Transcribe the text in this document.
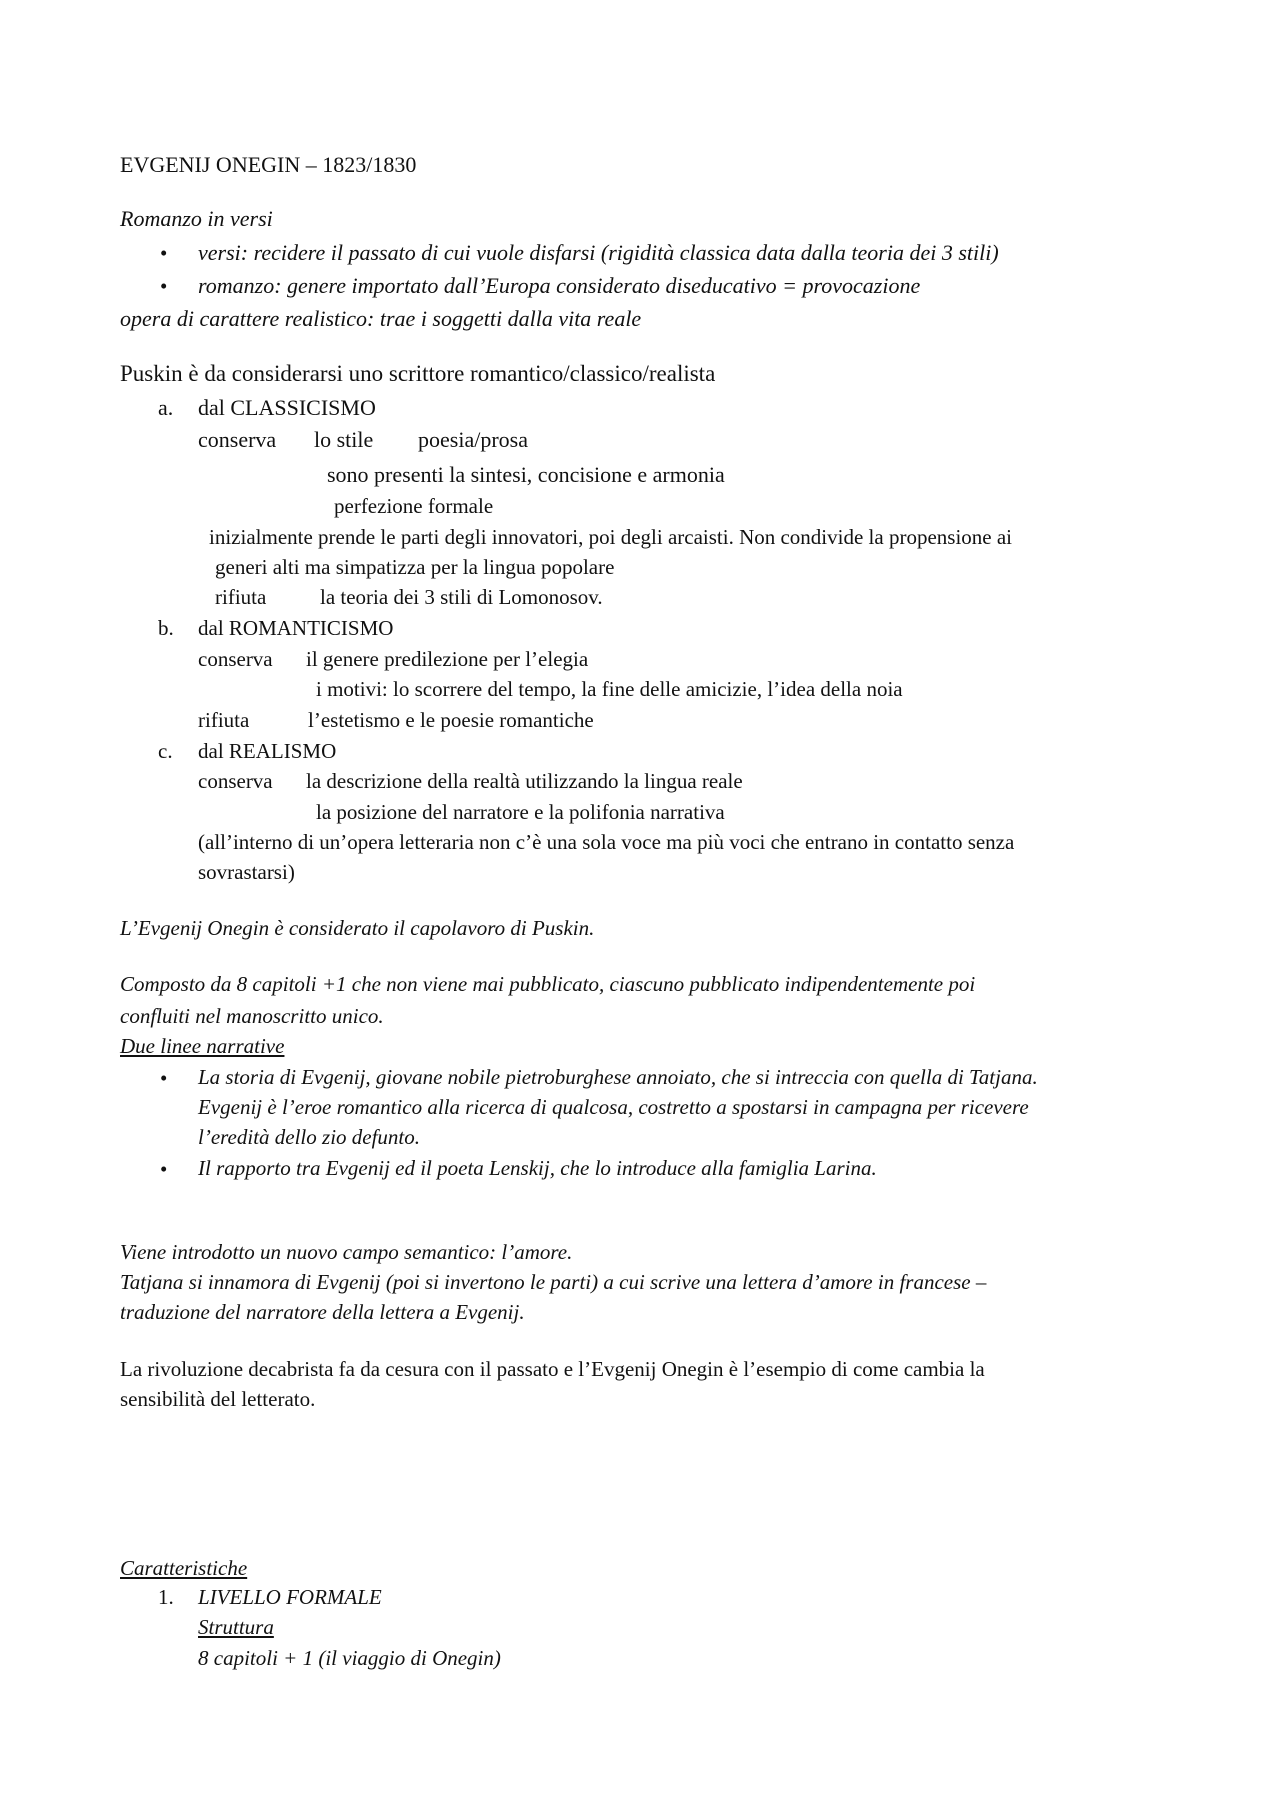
EVGENIJ ONEGIN – 1823/1830
Romanzo in versi
• versi: recidere il passato di cui vuole disfarsi (rigidità classica data dalla teoria dei 3 stili)
• romanzo: genere importato dall’Europa considerato diseducativo = provocazione
opera di carattere realistico: trae i soggetti dalla vita reale
Puskin è da considerarsi uno scrittore romantico/classico/realista
a. dal CLASSICISMO
conserva lo stile poesia/prosa
sono presenti la sintesi, concisione e armonia
perfezione formale
inizialmente prende le parti degli innovatori, poi degli arcaisti. Non condivide la propensione ai
generi alti ma simpatizza per la lingua popolare
rifiuta	la teoria dei 3 stili di Lomonosov.
b. dal ROMANTICISMO
conserva il genere predilezione per l’elegia
i motivi: lo scorrere del tempo, la fine delle amicizie, l’idea della noia
rifiuta	l’estetismo e le poesie romantiche
c. dal REALISMO
conserva la descrizione della realtà utilizzando la lingua reale
la posizione del narratore e la polifonia narrativa
(all’interno di un’opera letteraria non c’è una sola voce ma più voci che entrano in contatto senza
sovrastarsi)
L’Evgenij Onegin è considerato il capolavoro di Puskin.
Composto da 8 capitoli +1 che non viene mai pubblicato, ciascuno pubblicato indipendentemente poi
confluiti nel manoscritto unico.
Due linee narrative
• La storia di Evgenij, giovane nobile pietroburghese annoiato, che si intreccia con quella di Tatjana.
Evgenij è l’eroe romantico alla ricerca di qualcosa, costretto a spostarsi in campagna per ricevere
l’eredità dello zio defunto.
• Il rapporto tra Evgenij ed il poeta Lenskij, che lo introduce alla famiglia Larina.
Viene introdotto un nuovo campo semantico: l’amore.
Tatjana si innamora di Evgenij (poi si invertono le parti) a cui scrive una lettera d’amore in francese –
traduzione del narratore della lettera a Evgenij.
La rivoluzione decabrista fa da cesura con il passato e l’Evgenij Onegin è l’esempio di come cambia la
sensibilità del letterato.
Caratteristiche
1. LIVELLO FORMALE
Struttura
8 capitoli + 1 (il viaggio di Onegin)
